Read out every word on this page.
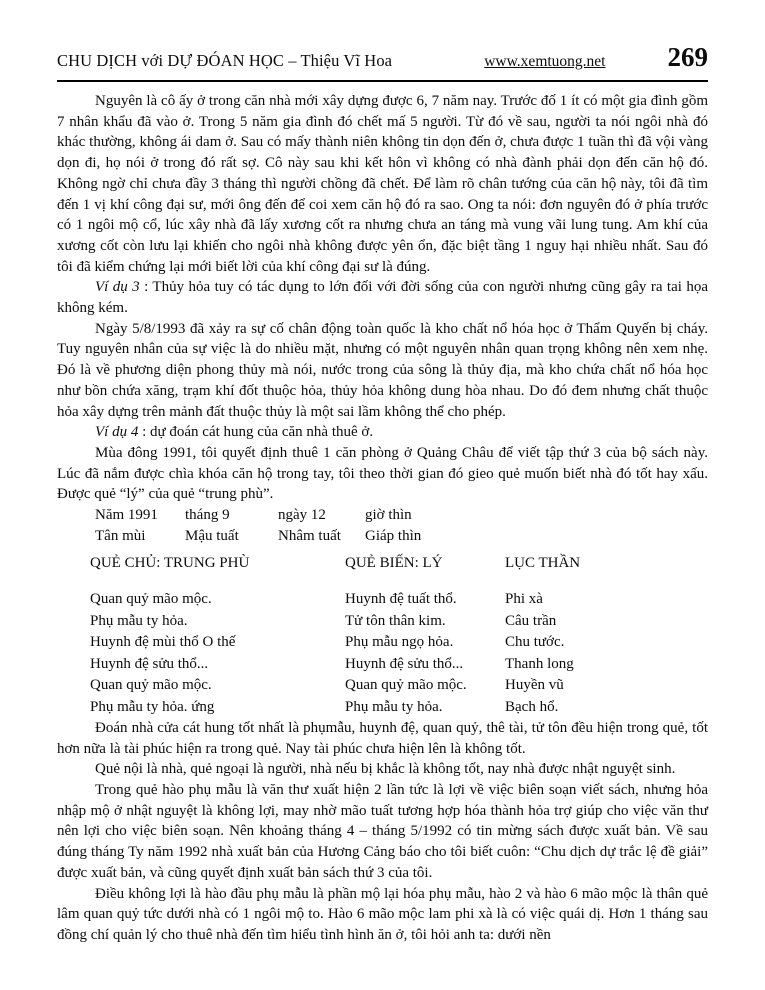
CHU DỊCH với DỰ ĐÓAN HỌC – Thiệu Vĩ Hoa	www.xemtuong.net 269

Nguyên là cô ấy ở trong căn nhà mới xây dựng được 6, 7 năm nay. Trước đố 1 ít có một gia đình gồm 7 nhân khẩu đã vào ở. Trong 5 năm gia đình đó chết mấ 5 người. Từ đó về sau, người ta nói ngôi nhà đó khác thường, không ái dam ở. Sau có mấy thành niên không tin dọn đến ở, chưa được 1 tuần thì đã vội vàng dọn đi, họ nói ở trong đó rất sợ. Cô này sau khi kết hôn vì không có nhà đành phải dọn đến căn hộ đó. Không ngờ chỉ chưa đầy 3 tháng thì người chồng đã chết. Để làm rõ chân tướng của căn hộ này, tôi đã tìm đến 1 vị khí công đại sư, mới ông đến để coi xem căn hộ đó ra sao. Ong ta nói: đơn nguyên đó ở phía trước có 1 ngôi mộ cổ, lúc xây nhà đã lấy xương cốt ra nhưng chưa an táng mà vung vãi lung tung. Am khí của xương cốt còn lưu lại khiến cho ngôi nhà không được yên ổn, đặc biệt tầng 1 nguy hại nhiều nhất. Sau đó tôi đã kiểm chứng lại mới biết lời của khí công đại sư là đúng.

Ví dụ 3 : Thủy hỏa tuy có tác dụng to lớn đối với đời sống của con người nhưng cũng gây ra tai họa không kém.

Ngày 5/8/1993 đã xảy ra sự cố chân động toàn quốc là kho chất nổ hóa học ở Thẩm Quyến bị cháy. Tuy nguyên nhân của sự việc là do nhiều mặt, nhưng có một nguyên nhân quan trọng không nên xem nhẹ. Đó là về phương diện phong thủy mà nói, nước trong của sông là thủy địa, mà kho chứa chất nổ hóa học như bồn chứa xăng, trạm khí đốt thuộc hỏa, thủy hỏa không dung hòa nhau. Do đó đem nhưng chất thuộc hỏa xây dựng trên mảnh đất thuộc thủy là một sai lầm không thể cho phép.

Ví dụ 4 : dự đoán cát hung của căn nhà thuê ở.

Mùa đông 1991, tôi quyết định thuê 1 căn phòng ở Quảng Châu để viết tập thứ 3 của bộ sách này. Lúc đã nắm được chìa khóa căn hộ trong tay, tôi theo thời gian đó gieo quẻ muốn biết nhà đó tốt hay xấu. Được quẻ “lý” của quẻ “trung phù”.

Năm 1991	tháng 9	ngày 12	giờ thìn
Tân mùi	Mậu tuất	Nhâm tuất	Giáp thìn
QUẺ CHỦ: TRUNG PHÙ	QUẺ BIẾN: LÝ	LỤC THẦN
Quan quỷ mão mộc.	Huynh đệ tuất thổ.	Phi xà
Phụ mẫu ty hỏa.	Tử tôn thân kim.	Câu trần
Huynh đệ mùi thổ O thế	Phụ mẫu ngọ hỏa.	Chu tước.
Huynh đệ sửu thổ...	Huynh đệ sửu thổ...	Thanh long
Quan quỷ mão mộc.	Quan quỷ mão mộc.	Huyền vũ
Phụ mẫu ty hỏa. ứng	Phụ mẫu ty hỏa.	Bạch hổ.

Đoán nhà cửa cát hung tốt nhất là phụmẫu, huynh đệ, quan quỷ, thê tài, tử tôn đều hiện trong quẻ, tốt hơn nữa là tài phúc hiện ra trong quẻ. Nay tài phúc chưa hiện lên là không tốt.

Quẻ nội là nhà, quẻ ngoại là người, nhà nếu bị khắc là không tốt, nay nhà được nhật nguyệt sinh.

Trong quẻ hào phụ mẫu là văn thư xuất hiện 2 lần tức là lợi về việc biên soạn viết sách, nhưng hỏa nhập mộ ở nhật nguyệt là không lợi, may nhờ mão tuất tương hợp hóa thành hỏa trợ giúp cho việc văn thư nên lợi cho việc biên soạn. Nên khoảng tháng 4 – tháng 5/1992 có tin mừng sách được xuất bản. Về sau đúng tháng Ty năm 1992 nhà xuất bản của Hương Cảng báo cho tôi biết cuôn: “Chu dịch dự trắc lệ đề giải” được xuất bản, và cũng quyết định xuất bản sách thứ 3 của tôi.

Điều không lợi là hào đầu phụ mẫu là phần mộ lại hóa phụ mẫu, hào 2 và hào 6 mão mộc là thân quẻ lâm quan quỷ tức dưới nhà có 1 ngôi mộ to. Hào 6 mão mộc lam phi xà là có việc quái dị. Hơn 1 tháng sau đồng chí quản lý cho thuê nhà đến tìm hiểu tình hình ăn ở, tôi hỏi anh ta: dưới nền
